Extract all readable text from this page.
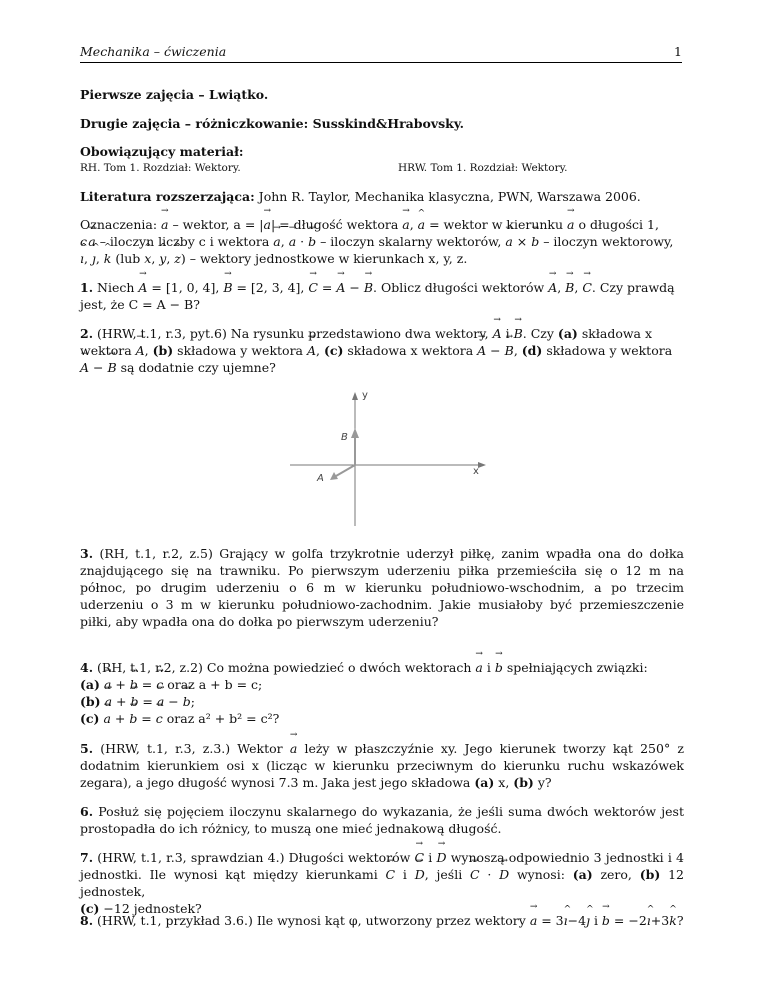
Mechanika – ćwiczenia	1
Pierwsze zajęcia – Lwiątko.
Drugie zajęcia – różniczkowanie: Susskind&Hrabovsky.
Obowiązujący materiał:
RH. Tom 1. Rozdział: Wektory.	HRW. Tom 1. Rozdział: Wektory.
Literatura rozszerzająca: John R. Taylor, Mechanika klasyczna, PWN, Warszawa 2006.
Oznaczenia: → a – wektor, a = |→ a| = długość wektora → a, ^ a = wektor w kierunku → a o długości 1,
c → a – iloczyn liczby c i wektora → a, → a · → b – iloczyn skalarny wektorów, → a × → b – iloczyn wektorowy,
^ ı, ^ ȷ, ^ k (lub ^ x, ^ y, ^ z) – wektory jednostkowe w kierunkach x, y, z.
1. Niech → A = [1, 0, 4], → B = [2, 3, 4], → C = → A − → B. Oblicz długości wektorów → A, → B, → C. Czy prawdą
jest, że C = A − B?
2. (HRW, t.1, r.3, pyt.6) Na rysunku przedstawiono dwa wektory, → A i → B. Czy (a) składowa x
wektora → A, (b) składowa y wektora → A, (c) składowa x wektora → A − → B, (d) składowa y wektora
→ A − → B są dodatnie czy ujemne?
x
y
B
A
3. (RH, t.1, r.2, z.5) Grający w golfa trzykrotnie uderzył piłkę, zanim wpadła ona do dołka znajdującego się na trawniku. Po pierwszym uderzeniu piłka przemieściła się o 12 m na północ, po drugim uderzeniu o 6 m w kierunku południowo-wschodnim, a po trzecim uderzeniu o 3 m w kierunku południowo-zachodnim. Jakie musiałoby być przemieszczenie piłki, aby wpadła ona do dołka po pierwszym uderzeniu?
4. (RH, t.1, r.2, z.2) Co można powiedzieć o dwóch wektorach → a i → b spełniających związki:
(a) → a + → b = → c oraz a + b = c;
(b) → a + → b = → a − → b;
(c) → a + → b = → c oraz a² + b² = c²?
5. (HRW, t.1, r.3, z.3.) Wektor → a leży w płaszczyźnie xy. Jego kierunek tworzy kąt 250° z dodatnim kierunkiem osi x (licząc w kierunku przeciwnym do kierunku ruchu wskazówek zegara), a jego długość wynosi 7.3 m. Jaka jest jego składowa (a) x, (b) y?
6. Posłuż się pojęciem iloczynu skalarnego do wykazania, że jeśli suma dwóch wektorów jest prostopadła do ich różnicy, to muszą one mieć jednakową długość.
7. (HRW, t.1, r.3, sprawdzian 4.) Długości wektorów → C i → D wynoszą odpowiednio 3 jednostki i 4 jednostki. Ile wynosi kąt między kierunkami → C i → D, jeśli → C · → D wynosi: (a) zero, (b) 12 jednostek,
(c) −12 jednostek?
8. (HRW, t.1, przykład 3.6.) Ile wynosi kąt φ, utworzony przez wektory → a = 3^ ı−4^ ȷ i → b = −2^ ı+3^ k?
